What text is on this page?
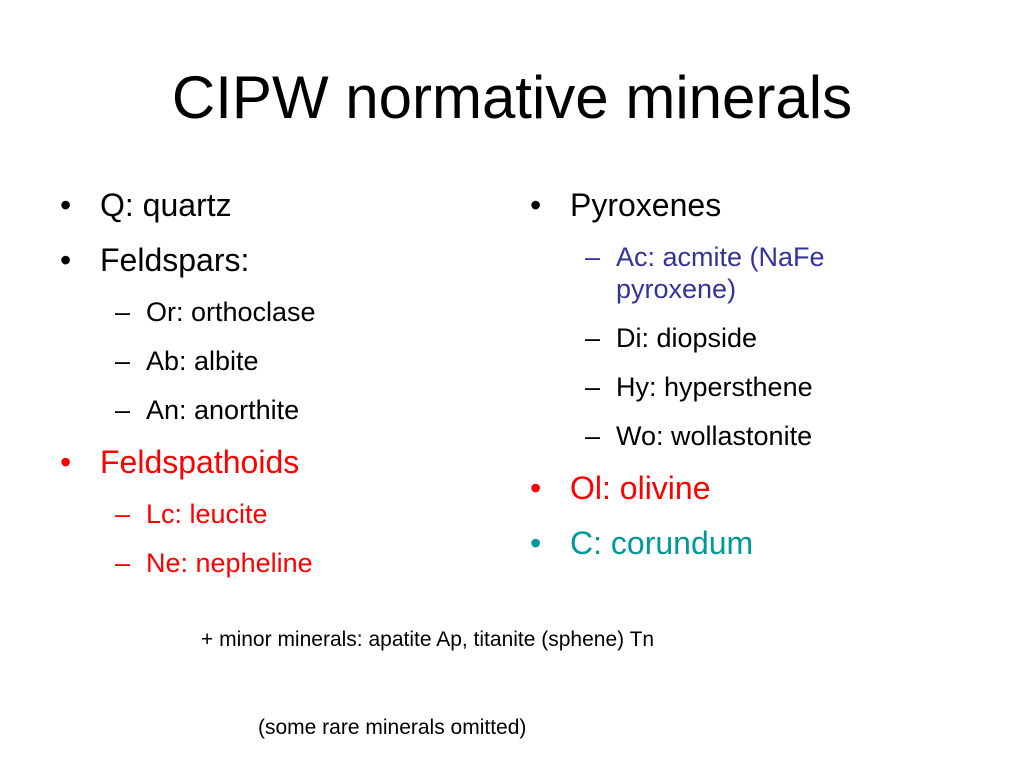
CIPW normative minerals
• Q: quartz
• Feldspars:
– Or: orthoclase
– Ab: albite
– An: anorthite
• Feldspathoids
– Lc: leucite
– Ne: nepheline
• Pyroxenes
– Ac: acmite (NaFe
pyroxene)
– Di: diopside
– Hy: hypersthene
– Wo: wollastonite
• Ol: olivine
• C: corundum

+ minor minerals: apatite Ap, titanite (sphene) Tn

(some rare minerals omitted)
